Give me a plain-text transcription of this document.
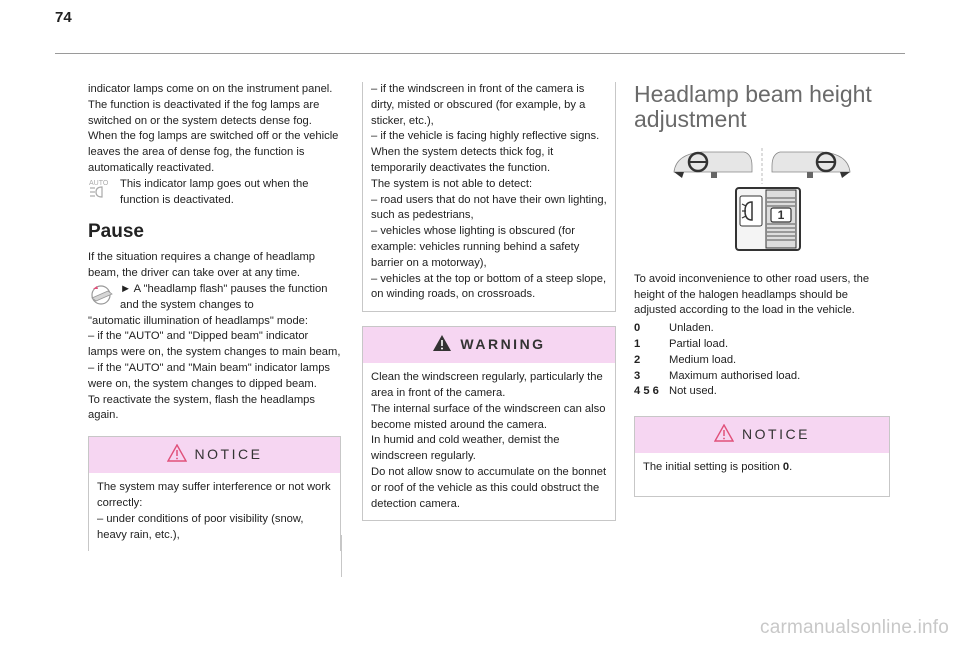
74

indicator lamps come on on the instrument panel.

The function is deactivated if the fog lamps are switched on or the system detects dense fog.

When the fog lamps are switched off or the vehicle leaves the area of dense fog, the function is automatically reactivated.

AUTO This indicator lamp goes out when the function is deactivated.

Pause

If the situation requires a change of headlamp beam, the driver can take over at any time.

► A "headlamp flash" pauses the function and the system changes to

"automatic illumination of headlamps" mode:

– if the "AUTO" and "Dipped beam" indicator lamps were on, the system changes to main beam,

– if the "AUTO" and "Main beam" indicator lamps were on, the system changes to dipped beam.

To reactivate the system, flash the headlamps again.

NOTICE

The system may suffer interference or not work correctly:

– under conditions of poor visibility (snow, heavy rain, etc.),

– if the windscreen in front of the camera is dirty, misted or obscured (for example, by a sticker, etc.),

– if the vehicle is facing highly reflective signs.

When the system detects thick fog, it temporarily deactivates the function.

The system is not able to detect:

– road users that do not have their own lighting, such as pedestrians,

– vehicles whose lighting is obscured (for example: vehicles running behind a safety barrier on a motorway),

– vehicles at the top or bottom of a steep slope, on winding roads, on crossroads.

WARNING

Clean the windscreen regularly, particularly the area in front of the camera.

The internal surface of the windscreen can also become misted around the camera.

In humid and cold weather, demist the windscreen regularly.

Do not allow snow to accumulate on the bonnet or roof of the vehicle as this could obstruct the detection camera.

Headlamp beam height adjustment
1

To avoid inconvenience to other road users, the height of the halogen headlamps should be adjusted according to the load in the vehicle.

0	Unladen.
1	Partial load.
2	Medium load.
3	Maximum authorised load.
4 5 6 Not used.
NOTICE

The initial setting is position 0.

carmanualsonline.info
